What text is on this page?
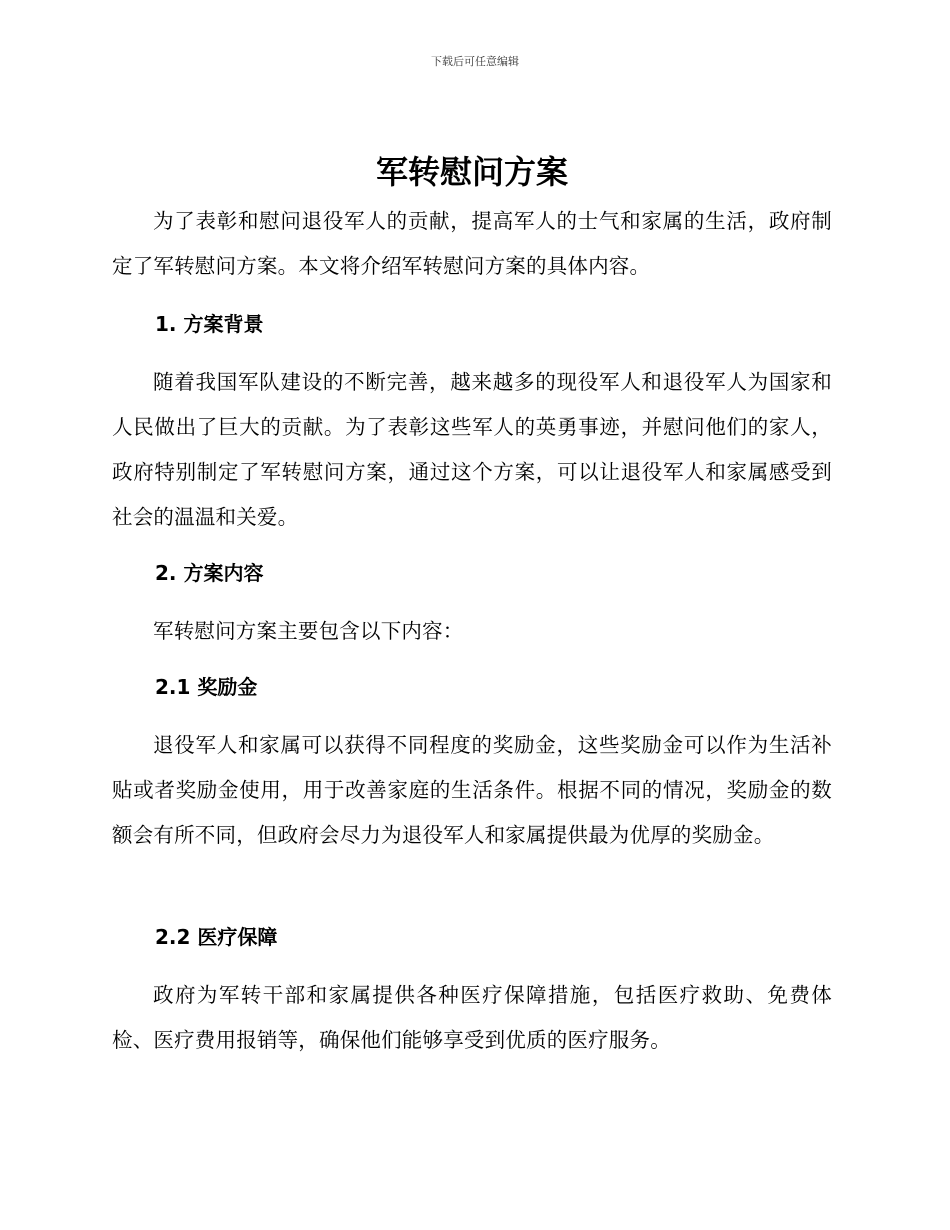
下载后可任意编辑
军转慰问方案

为了表彰和慰问退役军人的贡献，提高军人的士气和家属的生活，政府制定了军转慰问方案。本文将介绍军转慰问方案的具体内容。

1. 方案背景

随着我国军队建设的不断完善，越来越多的现役军人和退役军人为国家和人民做出了巨大的贡献。为了表彰这些军人的英勇事迹，并慰问他们的家人，政府特别制定了军转慰问方案，通过这个方案，可以让退役军人和家属感受到社会的温温和关爱。

2. 方案内容

军转慰问方案主要包含以下内容：

2.1 奖励金

退役军人和家属可以获得不同程度的奖励金，这些奖励金可以作为生活补贴或者奖励金使用，用于改善家庭的生活条件。根据不同的情况，奖励金的数额会有所不同，但政府会尽力为退役军人和家属提供最为优厚的奖励金。

2.2 医疗保障

政府为军转干部和家属提供各种医疗保障措施，包括医疗救助、免费体检、医疗费用报销等，确保他们能够享受到优质的医疗服务。
